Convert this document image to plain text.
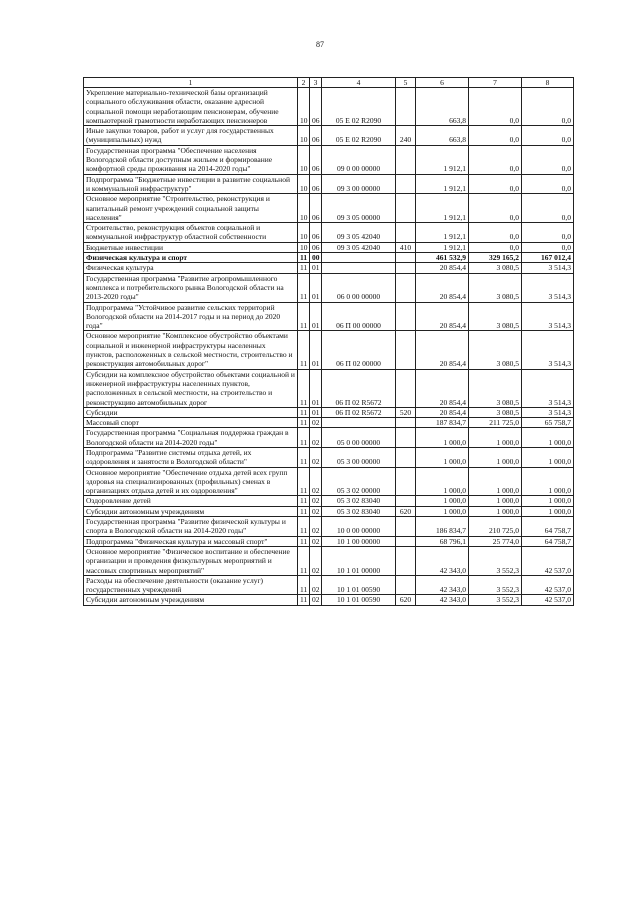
87
1	2	3	4	5	6	7	8
Укрепление материально-технической базы организаций социального обслуживания области, оказание адресной социальной помощи неработающим пенсионерам, обучение компьютерной грамотности неработающих пенсионеров	10	06	05 Е 02 R2090		663,8	0,0	0,0
Иные закупки товаров, работ и услуг для государственных (муниципальных) нужд	10	06	05 Е 02 R2090	240	663,8	0,0	0,0
Государственная программа "Обеспечение населения Вологодской области доступным жильем и формирование комфортной среды проживания на 2014-2020 годы"	10	06	09 0 00 00000		1 912,1	0,0	0,0
Подпрограмма "Бюджетные инвестиции в развитие социальной и коммунальной инфраструктур"	10	06	09 3 00 00000		1 912,1	0,0	0,0
Основное мероприятие "Строительство, реконструкция и капитальный ремонт учреждений социальной защиты населения"	10	06	09 3 05 00000		1 912,1	0,0	0,0
Строительство, реконструкция объектов социальной и коммунальной инфраструктур областной собственности	10	06	09 3 05 42040		1 912,1	0,0	0,0
Бюджетные инвестиции	10	06	09 3 05 42040	410	1 912,1	0,0	0,0
Физическая культура и спорт	11	00			461 532,9	329 165,2	167 012,4
Физическая культура	11	01			20 854,4	3 080,5	3 514,3
Государственная программа "Развитие агропромышленного комплекса и потребительского рынка Вологодской области на 2013-2020 годы"	11	01	06 0 00 00000		20 854,4	3 080,5	3 514,3
Подпрограмма "Устойчивое развитие сельских территорий Вологодской области на 2014-2017 годы и на период до 2020 года"	11	01	06 П 00 00000		20 854,4	3 080,5	3 514,3
Основное мероприятие "Комплексное обустройство объектами социальной и инженерной инфраструктуры населенных пунктов, расположенных в сельской местности, строительство и реконструкция автомобильных дорог"	11	01	06 П 02 00000		20 854,4	3 080,5	3 514,3
Субсидии на комплексное обустройство объектами социальной и инженерной инфраструктуры населенных пунктов, расположенных в сельской местности, на строительство и реконструкцию автомобильных дорог	11	01	06 П 02 R5672		20 854,4	3 080,5	3 514,3
Субсидии	11	01	06 П 02 R5672	520	20 854,4	3 080,5	3 514,3
Массовый спорт	11	02			187 834,7	211 725,0	65 758,7
Государственная программа "Социальная поддержка граждан в Вологодской области на 2014-2020 годы"	11	02	05 0 00 00000		1 000,0	1 000,0	1 000,0
Подпрограмма "Развитие системы отдыха детей, их оздоровления и занятости в Вологодской области"	11	02	05 3 00 00000		1 000,0	1 000,0	1 000,0
Основное мероприятие "Обеспечение отдыха детей всех групп здоровья на специализированных (профильных) сменах в организациях отдыха детей и их оздоровления"	11	02	05 3 02 00000		1 000,0	1 000,0	1 000,0
Оздоровление детей	11	02	05 3 02 83040		1 000,0	1 000,0	1 000,0
Субсидии автономным учреждениям	11	02	05 3 02 83040	620	1 000,0	1 000,0	1 000,0
Государственная программа "Развитие физической культуры и спорта в Вологодской области на 2014-2020 годы"	11	02	10 0 00 00000		186 834,7	210 725,0	64 758,7
Подпрограмма "Физическая культура и массовый спорт"	11	02	10 1 00 00000		68 796,1	25 774,0	64 758,7
Основное мероприятие "Физическое воспитание и обеспечение организации и проведения физкультурных мероприятий и массовых спортивных мероприятий"	11	02	10 1 01 00000		42 343,0	3 552,3	42 537,0
Расходы на обеспечение деятельности (оказание услуг) государственных учреждений	11	02	10 1 01 00590		42 343,0	3 552,3	42 537,0
Субсидии автономным учреждениям	11	02	10 1 01 00590	620	42 343,0	3 552,3	42 537,0
